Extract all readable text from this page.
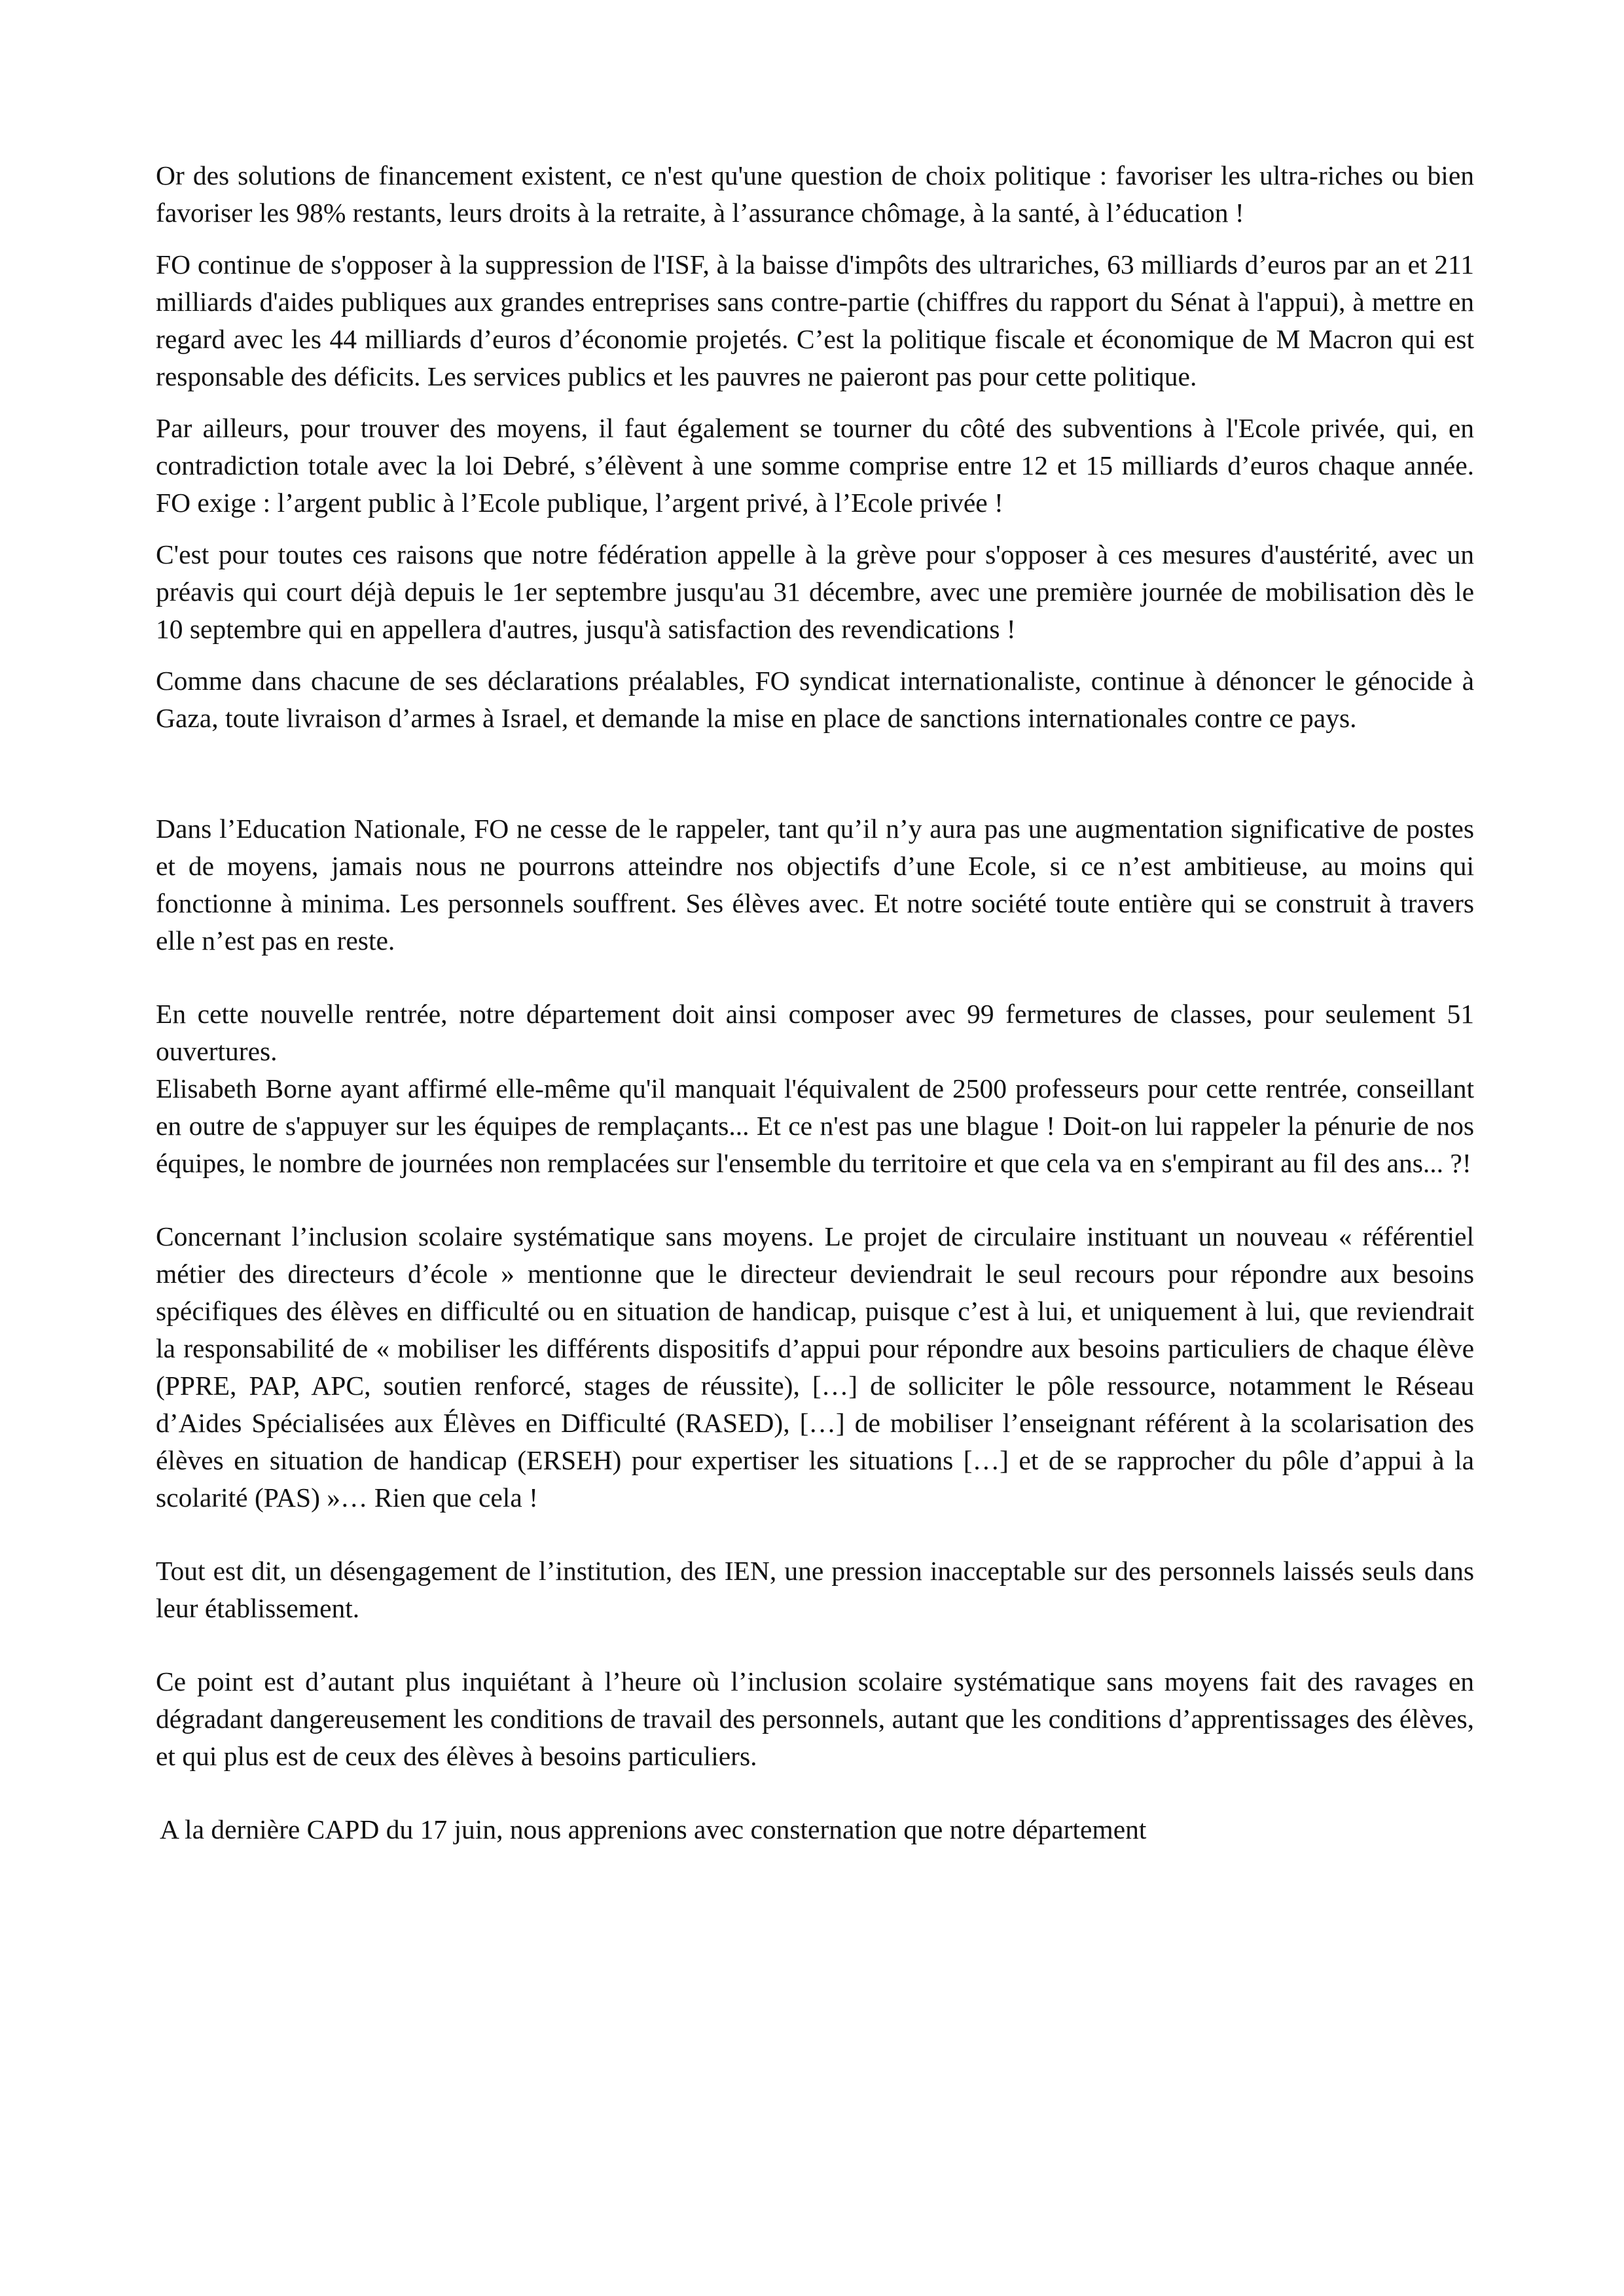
Or des solutions de financement existent, ce n'est qu'une question de choix politique : favoriser les ultra-riches ou bien favoriser les 98% restants, leurs droits à la retraite, à l’assurance chômage, à la santé, à l’éducation !

FO continue de s'opposer à la suppression de l'ISF, à la baisse d'impôts des ultrariches, 63 milliards d’euros par an et 211 milliards d'aides publiques aux grandes entreprises sans contre-partie (chiffres du rapport du Sénat à l'appui), à mettre en regard avec les 44 milliards d’euros d’économie projetés. C’est la politique fiscale et économique de M Macron qui est responsable des déficits. Les services publics et les pauvres ne paieront pas pour cette politique.

Par ailleurs, pour trouver des moyens, il faut également se tourner du côté des subventions à l'Ecole privée, qui, en contradiction totale avec la loi Debré, s’élèvent à une somme comprise entre 12 et 15 milliards d’euros chaque année. FO exige : l’argent public à l’Ecole publique, l’argent privé, à l’Ecole privée !

C'est pour toutes ces raisons que notre fédération appelle à la grève pour s'opposer à ces mesures d'austérité, avec un préavis qui court déjà depuis le 1er septembre jusqu'au 31 décembre, avec une première journée de mobilisation dès le 10 septembre qui en appellera d'autres, jusqu'à satisfaction des revendications !

Comme dans chacune de ses déclarations préalables, FO syndicat internationaliste, continue à dénoncer le génocide à Gaza, toute livraison d’armes à Israel, et demande la mise en place de sanctions internationales contre ce pays.

Dans l’Education Nationale, FO ne cesse de le rappeler, tant qu’il n’y aura pas une augmentation significative de postes et de moyens, jamais nous ne pourrons atteindre nos objectifs d’une Ecole, si ce n’est ambitieuse, au moins qui fonctionne à minima. Les personnels souffrent. Ses élèves avec. Et notre société toute entière qui se construit à travers elle n’est pas en reste.

En cette nouvelle rentrée, notre département doit ainsi composer avec 99 fermetures de classes, pour seulement 51 ouvertures.

Elisabeth Borne ayant affirmé elle-même qu'il manquait l'équivalent de 2500 professeurs pour cette rentrée, conseillant en outre de s'appuyer sur les équipes de remplaçants... Et ce n'est pas une blague ! Doit-on lui rappeler la pénurie de nos équipes, le nombre de journées non remplacées sur l'ensemble du territoire et que cela va en s'empirant au fil des ans... ?!

Concernant l’inclusion scolaire systématique sans moyens. Le projet de circulaire instituant un nouveau « référentiel métier des directeurs d’école » mentionne que le directeur deviendrait le seul recours pour répondre aux besoins spécifiques des élèves en difficulté ou en situation de handicap, puisque c’est à lui, et uniquement à lui, que reviendrait la responsabilité de « mobiliser les différents dispositifs d’appui pour répondre aux besoins particuliers de chaque élève (PPRE, PAP, APC, soutien renforcé, stages de réussite), […] de solliciter le pôle ressource, notamment le Réseau d’Aides Spécialisées aux Élèves en Difficulté (RASED), […] de mobiliser l’enseignant référent à la scolarisation des élèves en situation de handicap (ERSEH) pour expertiser les situations […] et de se rapprocher du pôle d’appui à la scolarité (PAS) »… Rien que cela !

Tout est dit, un désengagement de l’institution, des IEN, une pression inacceptable sur des personnels laissés seuls dans leur établissement.

Ce point est d’autant plus inquiétant à l’heure où l’inclusion scolaire systématique sans moyens fait des ravages en dégradant dangereusement les conditions de travail des personnels, autant que les conditions d’apprentissages des élèves, et qui plus est de ceux des élèves à besoins particuliers.

A la dernière CAPD du 17 juin, nous apprenions avec consternation que notre département
